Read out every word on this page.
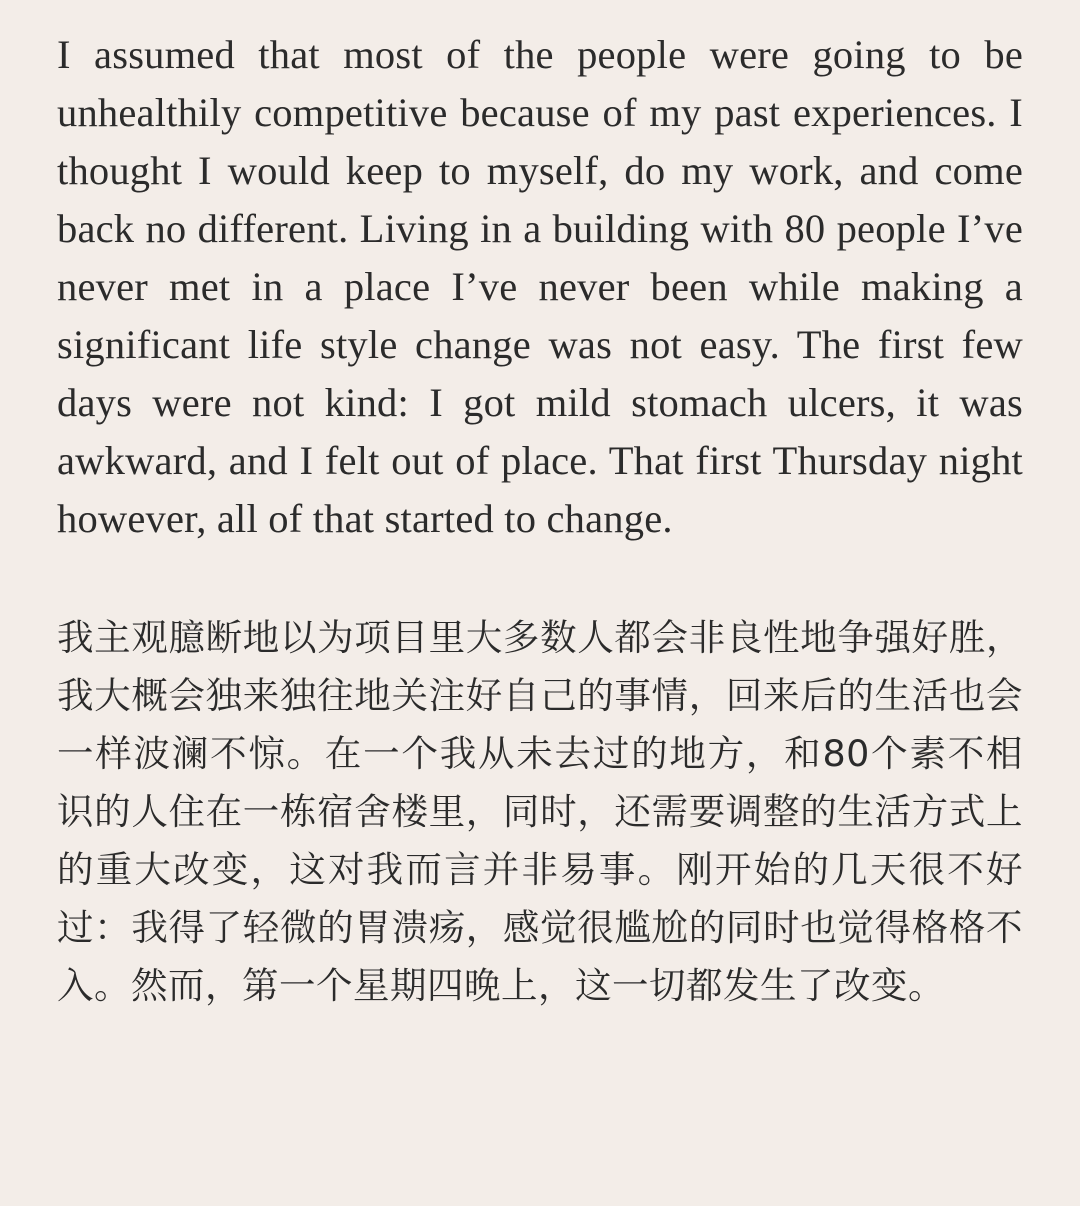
I assumed that most of the people were going to be unhealthily competitive because of my past experiences. I thought I would keep to myself, do my work, and come back no different. Living in a building with 80 people I’ve never met in a place I’ve never been while making a significant life style change was not easy. The first few days were not kind: I got mild stomach ulcers, it was awkward, and I felt out of place. That first Thursday night however, all of that started to change.

我主观臆断地以为项目里大多数人都会非良性地争强好胜，我大概会独来独往地关注好自己的事情，回来后的生活也会一样波澜不惊。在一个我从未去过的地方，和80个素不相识的人住在一栋宿舍楼里，同时，还需要调整的生活方式上的重大改变，这对我而言并非易事。刚开始的几天很不好过：我得了轻微的胃溃疡，感觉很尴尬的同时也觉得格格不入。然而，第一个星期四晚上，这一切都发生了改变。
